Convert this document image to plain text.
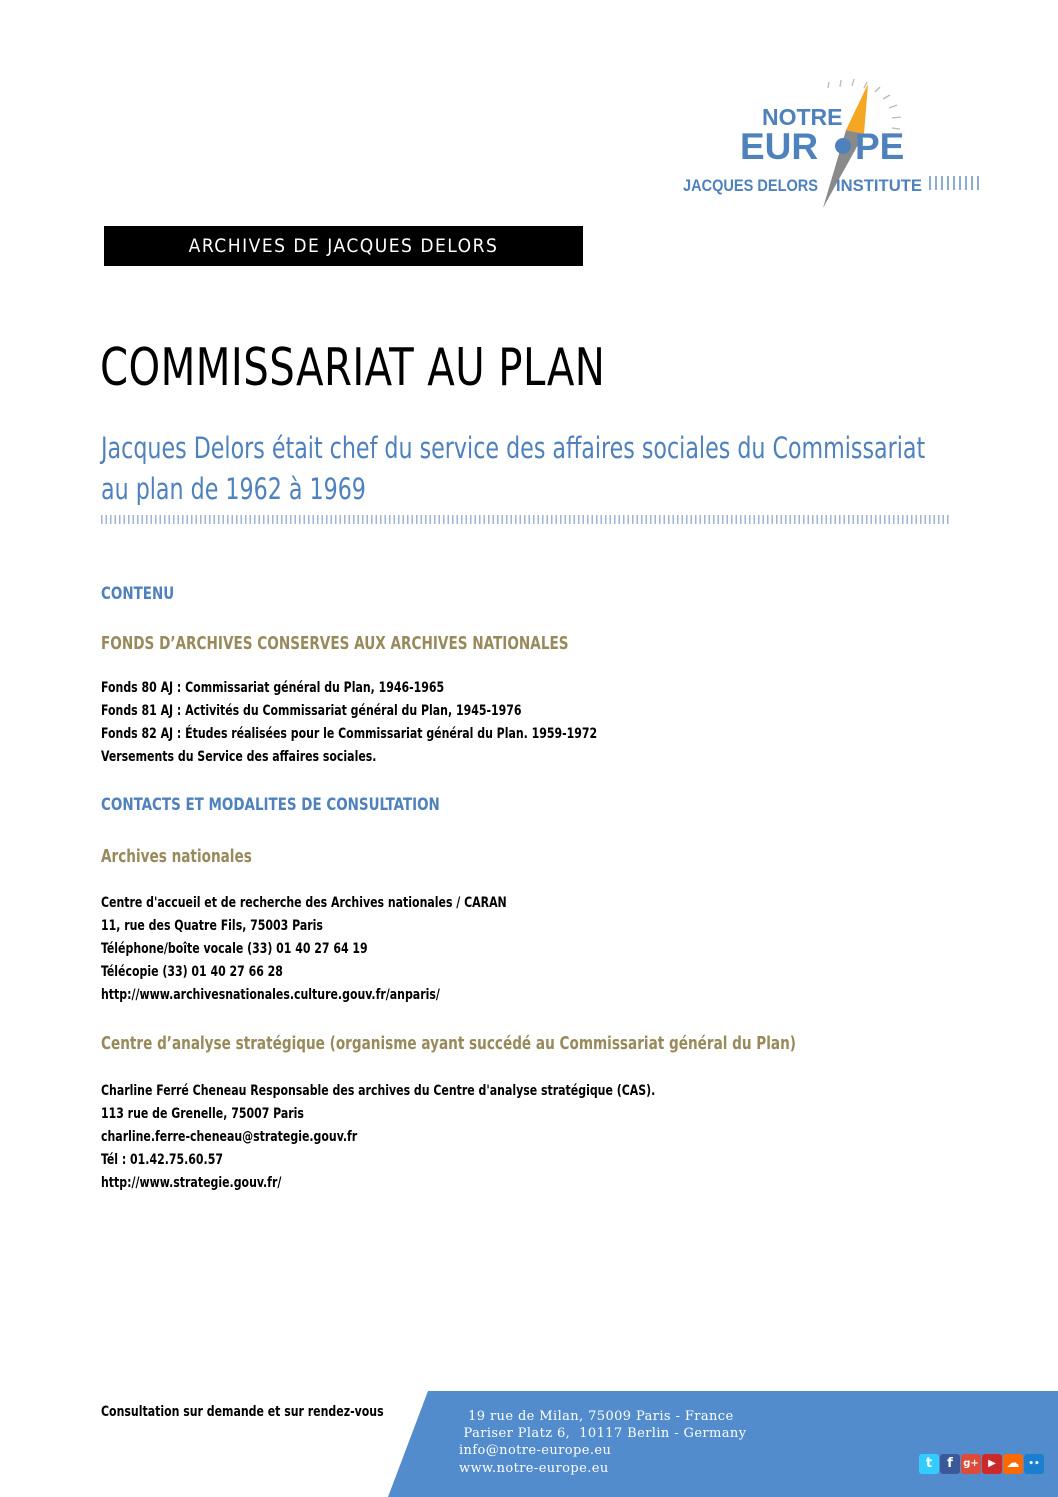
NOTRE
EUR PE
JACQUES DELORS INSTITUTE
ARCHIVES DE JACQUES DELORS
COMMISSARIAT AU PLAN

Jacques Delors était chef du service des affaires sociales du Commissariat au plan de 1962 à 1969

CONTENU
FONDS D’ARCHIVES CONSERVES AUX ARCHIVES NATIONALES
Fonds 80 AJ : Commissariat général du Plan, 1946-1965
Fonds 81 AJ : Activités du Commissariat général du Plan, 1945-1976
Fonds 82 AJ : Études réalisées pour le Commissariat général du Plan. 1959-1972
Versements du Service des affaires sociales.
CONTACTS ET MODALITES DE CONSULTATION
Archives nationales
Centre d'accueil et de recherche des Archives nationales / CARAN
11, rue des Quatre Fils, 75003 Paris
Téléphone/boîte vocale (33) 01 40 27 64 19
Télécopie (33) 01 40 27 66 28
http://www.archivesnationales.culture.gouv.fr/anparis/
Centre d’analyse stratégique (organisme ayant succédé au Commissariat général du Plan)
Charline Ferré Cheneau Responsable des archives du Centre d'analyse stratégique (CAS).
113 rue de Grenelle, 75007 Paris
charline.ferre-cheneau@strategie.gouv.fr
Tél : 01.42.75.60.57
http://www.strategie.gouv.fr/

Consultation sur demande et sur rendez-vous	19 rue de Milan, 75009 Paris - France
Pariser Platz 6,  10117 Berlin - Germany
info@notre-europe.eu
www.notre-europe.eu	t	f	g+ ▶ ☁ ••
